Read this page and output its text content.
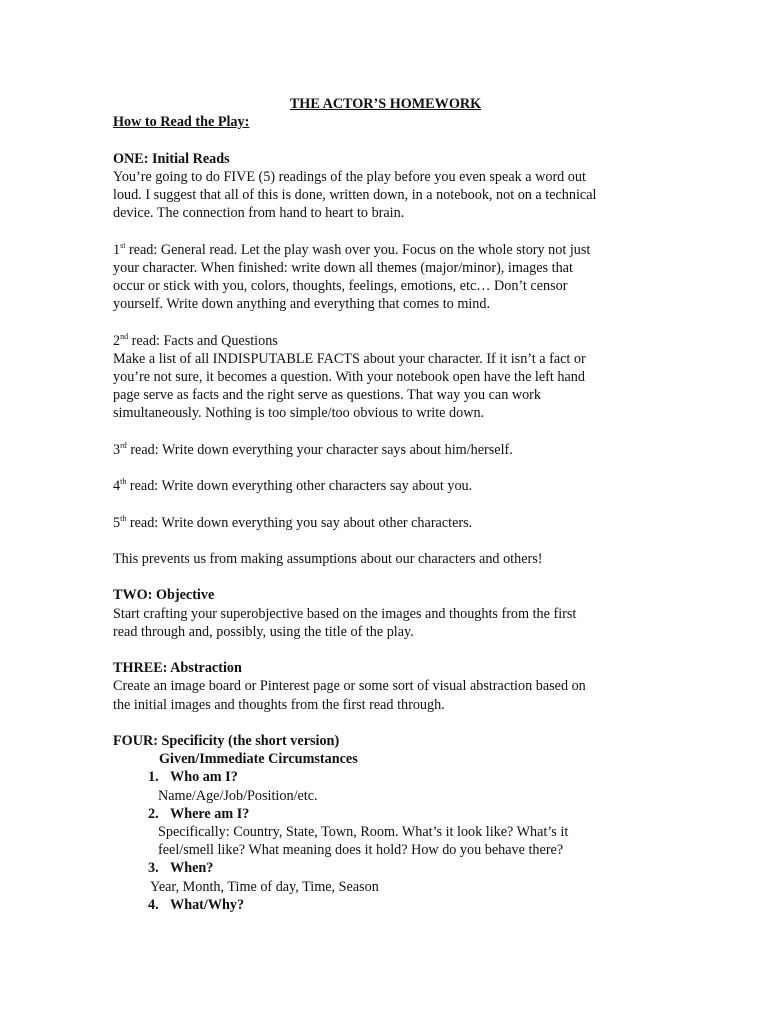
THE ACTOR’S HOMEWORK

How to Read the Play:

ONE: Initial Reads

You’re going to do FIVE (5) readings of the play before you even speak a word out

loud. I suggest that all of this is done, written down, in a notebook, not on a technical

device. The connection from hand to heart to brain.

1st read: General read. Let the play wash over you. Focus on the whole story not just

your character. When finished: write down all themes (major/minor), images that

occur or stick with you, colors, thoughts, feelings, emotions, etc… Don’t censor

yourself. Write down anything and everything that comes to mind.

2nd read: Facts and Questions

Make a list of all INDISPUTABLE FACTS about your character. If it isn’t a fact or

you’re not sure, it becomes a question. With your notebook open have the left hand

page serve as facts and the right serve as questions. That way you can work

simultaneously. Nothing is too simple/too obvious to write down.

3rd read: Write down everything your character says about him/herself.

4th read: Write down everything other characters say about you.

5th read: Write down everything you say about other characters.

This prevents us from making assumptions about our characters and others!

TWO: Objective

Start crafting your superobjective based on the images and thoughts from the first

read through and, possibly, using the title of the play.

THREE: Abstraction

Create an image board or Pinterest page or some sort of visual abstraction based on

the initial images and thoughts from the first read through.

FOUR: Specificity (the short version)

Given/Immediate Circumstances

1. Who am I?

Name/Age/Job/Position/etc.

2. Where am I?

Specifically: Country, State, Town, Room. What’s it look like? What’s it

feel/smell like? What meaning does it hold? How do you behave there?

3. When?

Year, Month, Time of day, Time, Season

4. What/Why?
